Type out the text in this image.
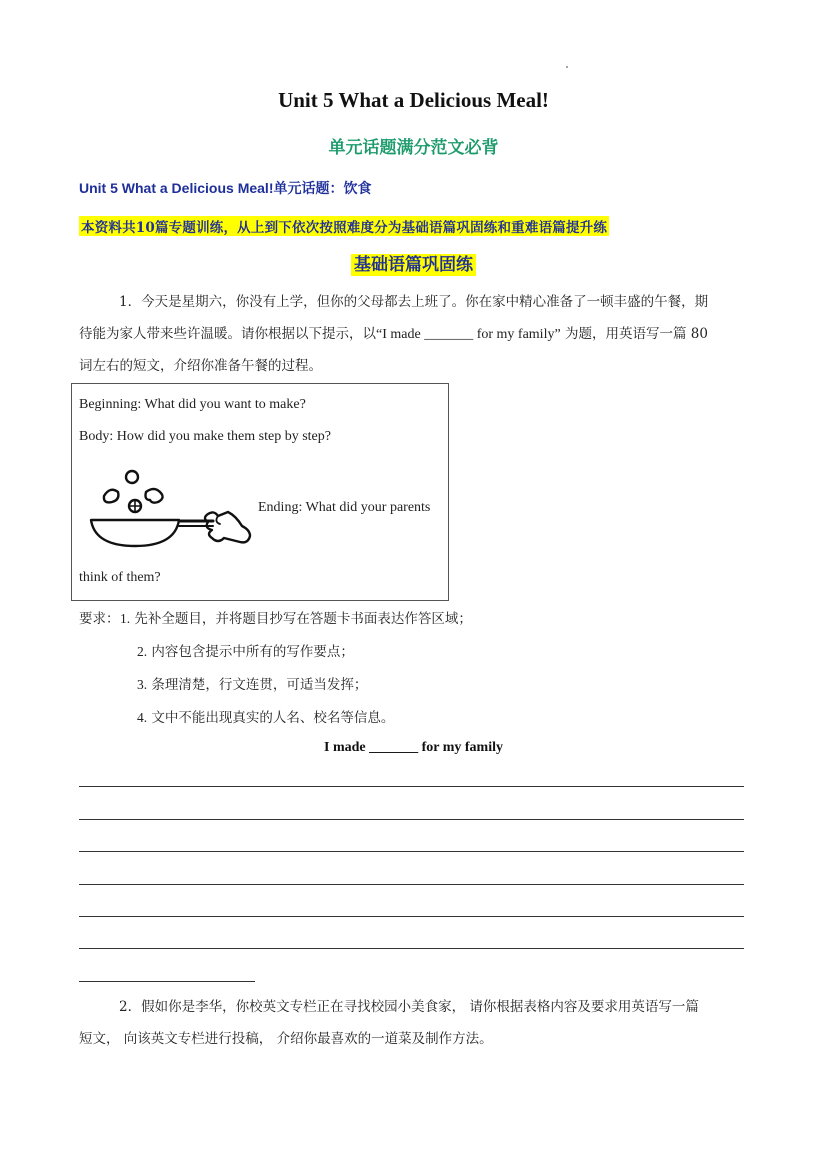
Unit 5 What a Delicious Meal!
单元话题满分范文必背
Unit 5 What a Delicious Meal!单元话题：饮食
本资料共10篇专题训练，从上到下依次按照难度分为基础语篇巩固练和重难语篇提升练
基础语篇巩固练
1．今天是星期六，你没有上学，但你的父母都去上班了。你在家中精心准备了一顿丰盛的午餐，期
待能为家人带来些许温暖。请你根据以下提示，以“I made _______ for my family” 为题，用英语写一篇 80
词左右的短文，介绍你准备午餐的过程。
Beginning: What did you want to make?
Body: How did you make them step by step?
Ending: What did your parents
think of them?
要求： 1. 先补全题目，并将题目抄写在答题卡书面表达作答区域；
2. 内容包含提示中所有的写作要点；
3. 条理清楚，行文连贯，可适当发挥；
4. 文中不能出现真实的人名、校名等信息。
I made _______ for my family
2．假如你是李华，你校英文专栏正在寻找校园小美食家， 请你根据表格内容及要求用英语写一篇
短文， 向该英文专栏进行投稿， 介绍你最喜欢的一道菜及制作方法。
